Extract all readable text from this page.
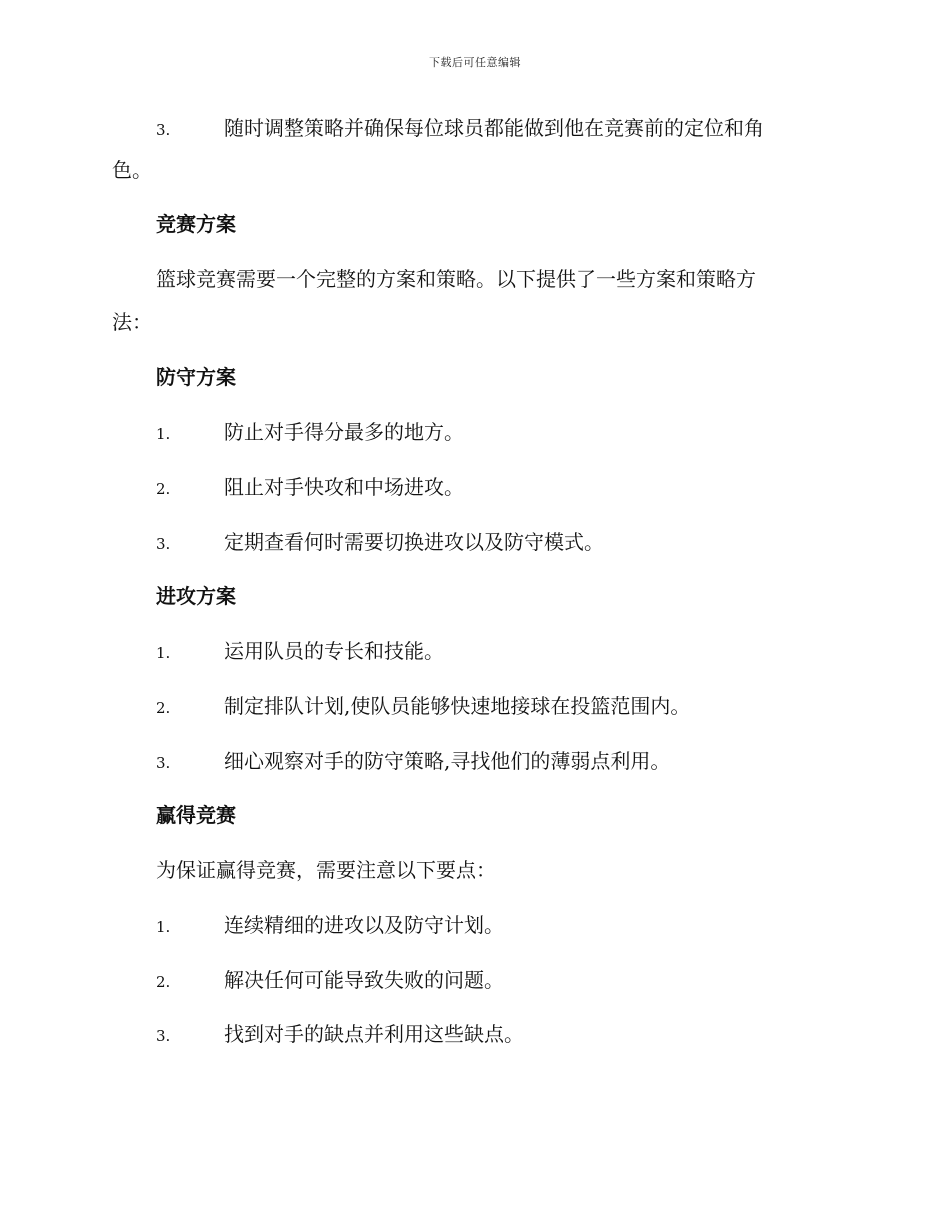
下载后可任意编辑
3.	随时调整策略并确保每位球员都能做到他在竞赛前的定位和角
色。
竞赛方案
篮球竞赛需要一个完整的方案和策略。以下提供了一些方案和策略方
法：
防守方案
1.	防止对手得分最多的地方。
2.	阻止对手快攻和中场进攻。
3.	定期查看何时需要切换进攻以及防守模式。
进攻方案
1.	运用队员的专长和技能。
2.	制定排队计划,使队员能够快速地接球在投篮范围内。
3.	细心观察对手的防守策略,寻找他们的薄弱点利用。
赢得竞赛
为保证赢得竞赛，需要注意以下要点：
1.	连续精细的进攻以及防守计划。
2.	解决任何可能导致失败的问题。
3.	找到对手的缺点并利用这些缺点。
